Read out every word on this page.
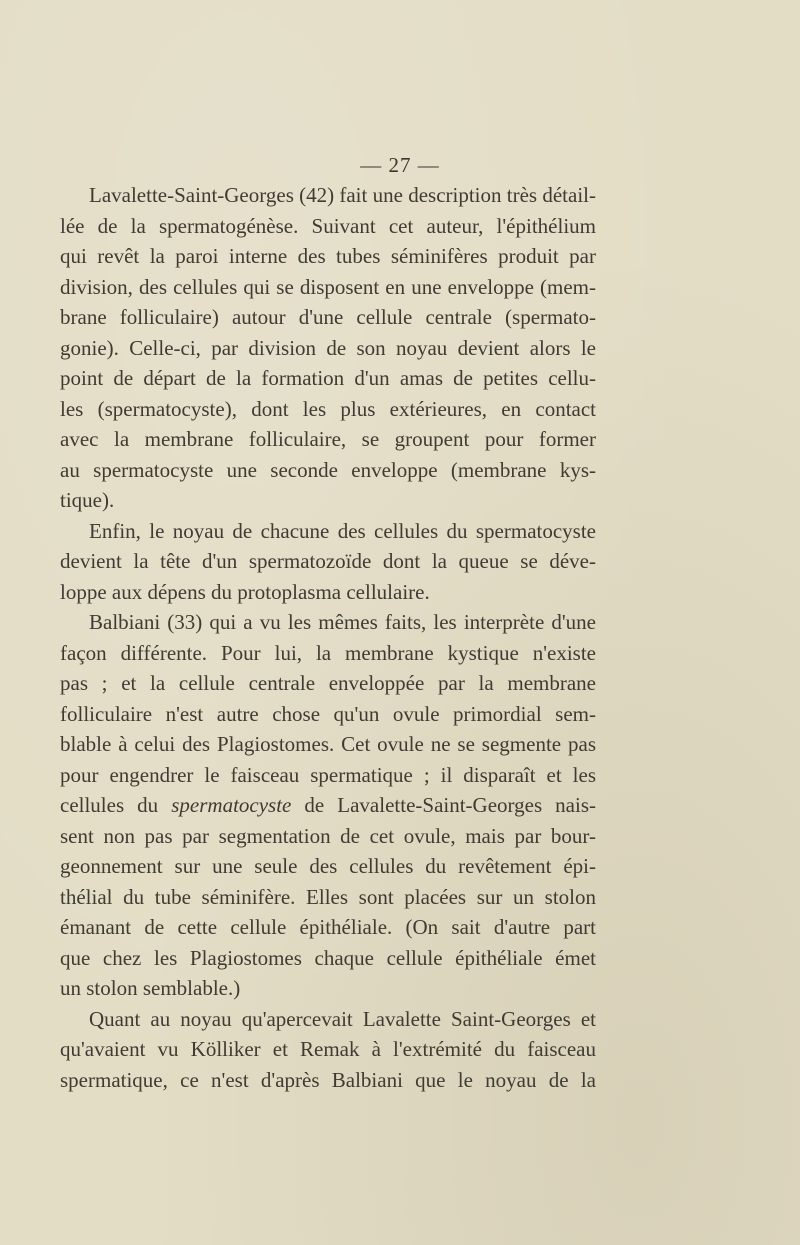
— 27 —
Lavalette-Saint-Georges (42) fait une description très détail-
lée de la spermatogénèse. Suivant cet auteur, l'épithélium
qui revêt la paroi interne des tubes séminifères produit par
division, des cellules qui se disposent en une enveloppe (mem-
brane folliculaire) autour d'une cellule centrale (spermato-
gonie). Celle-ci, par division de son noyau devient alors le
point de départ de la formation d'un amas de petites cellu-
les (spermatocyste), dont les plus extérieures, en contact
avec la membrane folliculaire, se groupent pour former
au spermatocyste une seconde enveloppe (membrane kys-
tique).
Enfin, le noyau de chacune des cellules du spermatocyste
devient la tête d'un spermatozoïde dont la queue se déve-
loppe aux dépens du protoplasma cellulaire.
Balbiani (33) qui a vu les mêmes faits, les interprète d'une
façon différente. Pour lui, la membrane kystique n'existe
pas ; et la cellule centrale enveloppée par la membrane
folliculaire n'est autre chose qu'un ovule primordial sem-
blable à celui des Plagiostomes. Cet ovule ne se segmente pas
pour engendrer le faisceau spermatique ; il disparaît et les
cellules du spermatocyste de Lavalette-Saint-Georges nais-
sent non pas par segmentation de cet ovule, mais par bour-
geonnement sur une seule des cellules du revêtement épi-
thélial du tube séminifère. Elles sont placées sur un stolon
émanant de cette cellule épithéliale. (On sait d'autre part
que chez les Plagiostomes chaque cellule épithéliale émet
un stolon semblable.)
Quant au noyau qu'apercevait Lavalette Saint-Georges et
qu'avaient vu Kölliker et Remak à l'extrémité du faisceau
spermatique, ce n'est d'après Balbiani que le noyau de la
